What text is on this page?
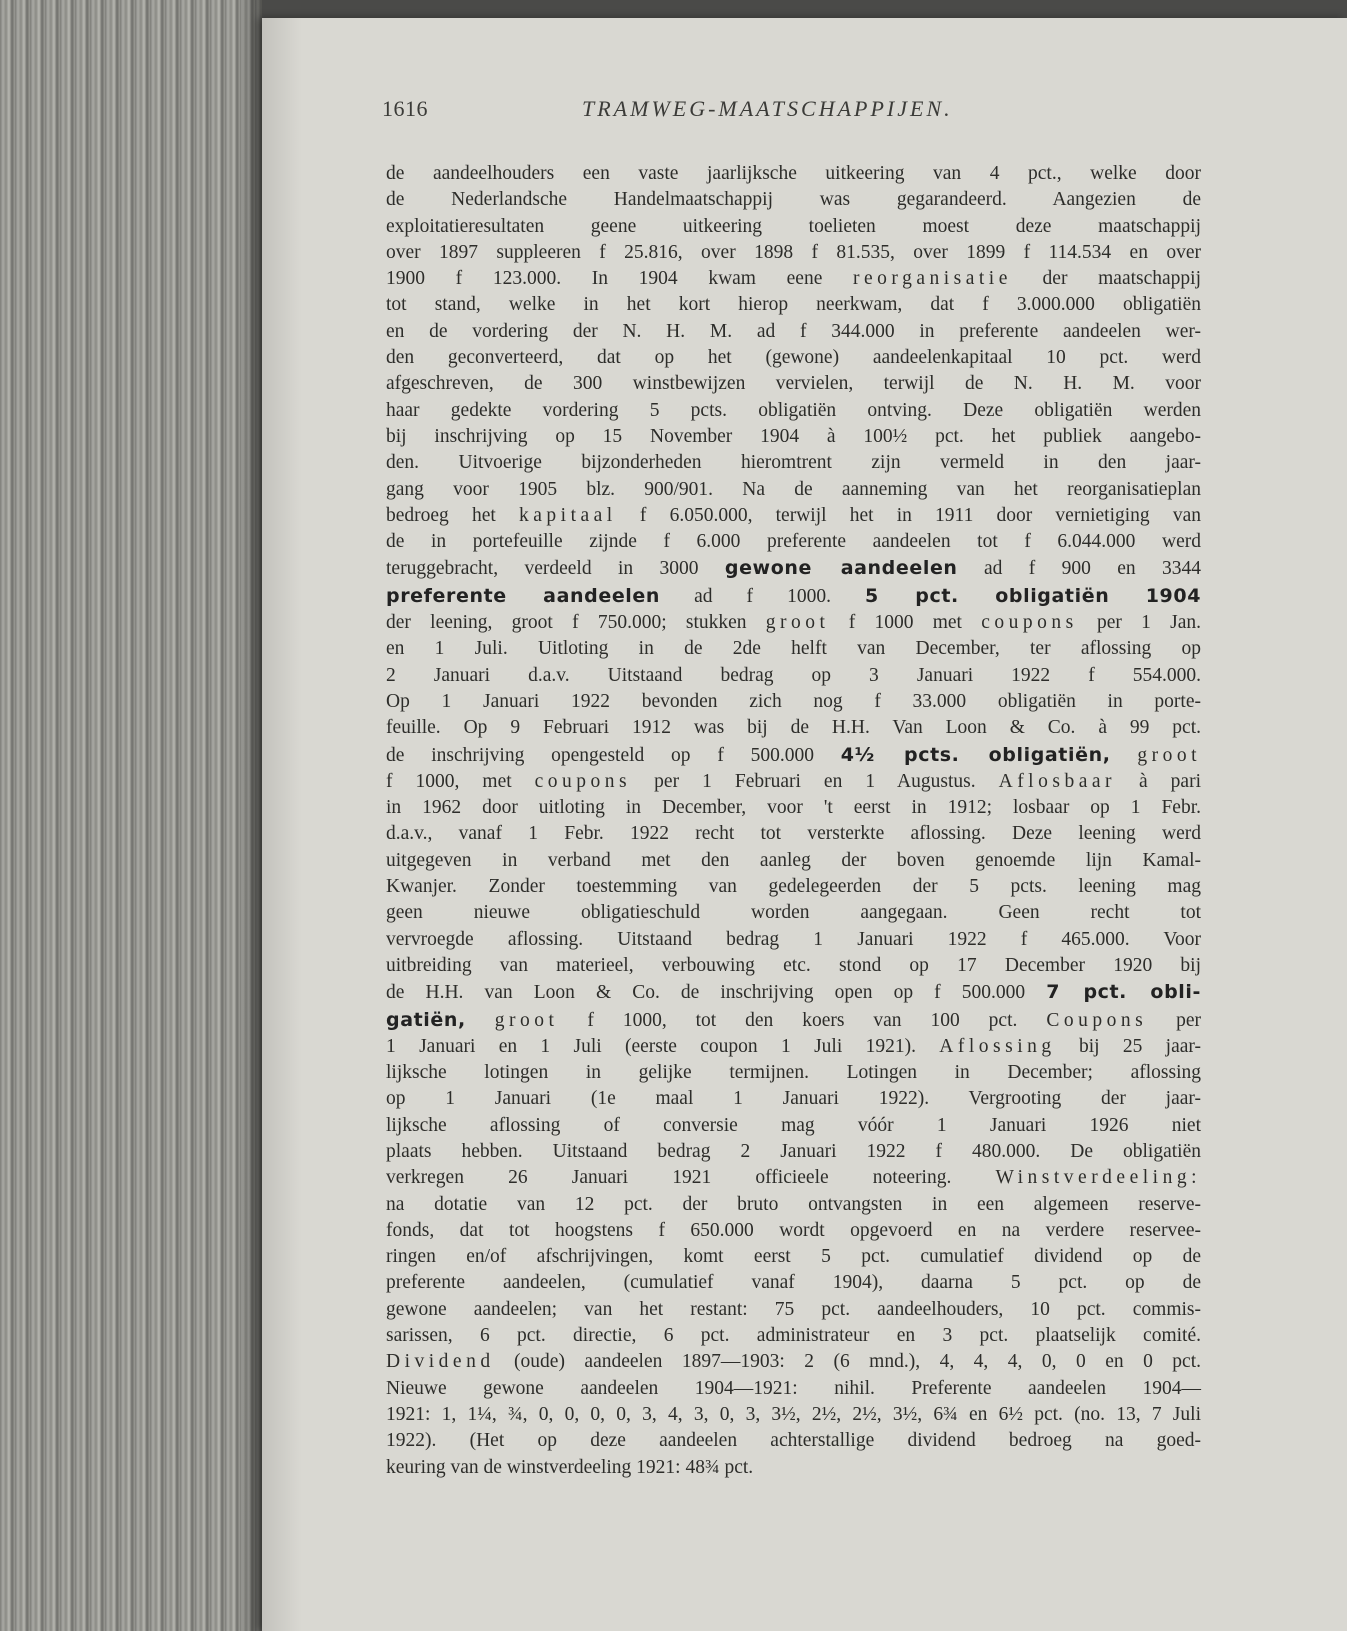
1616	TRAMWEG-MAATSCHAPPIJEN.
de aandeelhouders een vaste jaarlijksche uitkeering van 4 pct., welke door
de Nederlandsche Handelmaatschappij was gegarandeerd. Aangezien de
exploitatieresultaten geene uitkeering toelieten moest deze maatschappij
over 1897 suppleeren f 25.816, over 1898 f 81.535, over 1899 f 114.534 en over
1900 f 123.000. In 1904 kwam eene reorganisatie der maatschappij
tot stand, welke in het kort hierop neerkwam, dat f 3.000.000 obligatiën
en de vordering der N. H. M. ad f 344.000 in preferente aandeelen wer-
den geconverteerd, dat op het (gewone) aandeelenkapitaal 10 pct. werd
afgeschreven, de 300 winstbewijzen vervielen, terwijl de N. H. M. voor
haar gedekte vordering 5 pcts. obligatiën ontving. Deze obligatiën werden
bij inschrijving op 15 November 1904 à 100½ pct. het publiek aangebo-
den. Uitvoerige bijzonderheden hieromtrent zijn vermeld in den jaar-
gang voor 1905 blz. 900/901. Na de aanneming van het reorganisatieplan
bedroeg het kapitaal f 6.050.000, terwijl het in 1911 door vernietiging van
de in portefeuille zijnde f 6.000 preferente aandeelen tot f 6.044.000 werd
teruggebracht, verdeeld in 3000 gewone aandeelen ad f 900 en 3344
preferente aandeelen ad f 1000. 5 pct. obligatiën 1904
der leening, groot f 750.000; stukken groot f 1000 met coupons per 1 Jan.
en 1 Juli. Uitloting in de 2de helft van December, ter aflossing op
2 Januari d.a.v. Uitstaand bedrag op 3 Januari 1922 f 554.000.
Op 1 Januari 1922 bevonden zich nog f 33.000 obligatiën in porte-
feuille. Op 9 Februari 1912 was bij de H.H. Van Loon & Co. à 99 pct.
de inschrijving opengesteld op f 500.000 4½ pcts. obligatiën, groot
f 1000, met coupons per 1 Februari en 1 Augustus. Aflosbaar à pari
in 1962 door uitloting in December, voor 't eerst in 1912; losbaar op 1 Febr.
d.a.v., vanaf 1 Febr. 1922 recht tot versterkte aflossing. Deze leening werd
uitgegeven in verband met den aanleg der boven genoemde lijn Kamal-
Kwanjer. Zonder toestemming van gedelegeerden der 5 pcts. leening mag
geen nieuwe obligatieschuld worden aangegaan. Geen recht tot
vervroegde aflossing. Uitstaand bedrag 1 Januari 1922 f 465.000. Voor
uitbreiding van materieel, verbouwing etc. stond op 17 December 1920 bij
de H.H. van Loon & Co. de inschrijving open op f 500.000 7 pct. obli-
gatiën, groot f 1000, tot den koers van 100 pct. Coupons per
1 Januari en 1 Juli (eerste coupon 1 Juli 1921). Aflossing bij 25 jaar-
lijksche lotingen in gelijke termijnen. Lotingen in December; aflossing
op 1 Januari (1e maal 1 Januari 1922). Vergrooting der jaar-
lijksche aflossing of conversie mag vóór 1 Januari 1926 niet
plaats hebben. Uitstaand bedrag 2 Januari 1922 f 480.000. De obligatiën
verkregen 26 Januari 1921 officieele noteering. Winstverdeeling:
na dotatie van 12 pct. der bruto ontvangsten in een algemeen reserve-
fonds, dat tot hoogstens f 650.000 wordt opgevoerd en na verdere reservee-
ringen en/of afschrijvingen, komt eerst 5 pct. cumulatief dividend op de
preferente aandeelen, (cumulatief vanaf 1904), daarna 5 pct. op de
gewone aandeelen; van het restant: 75 pct. aandeelhouders, 10 pct. commis-
sarissen, 6 pct. directie, 6 pct. administrateur en 3 pct. plaatselijk comité.
Dividend (oude) aandeelen 1897—1903: 2 (6 mnd.), 4, 4, 4, 0, 0 en 0 pct.
Nieuwe gewone aandeelen 1904—1921: nihil. Preferente aandeelen 1904—
1921: 1, 1¼, ¾, 0, 0, 0, 0, 3, 4, 3, 0, 3, 3½, 2½, 2½, 3½, 6¾ en 6½ pct. (no. 13, 7 Juli
1922). (Het op deze aandeelen achterstallige dividend bedroeg na goed-
keuring van de winstverdeeling 1921: 48¾ pct.
